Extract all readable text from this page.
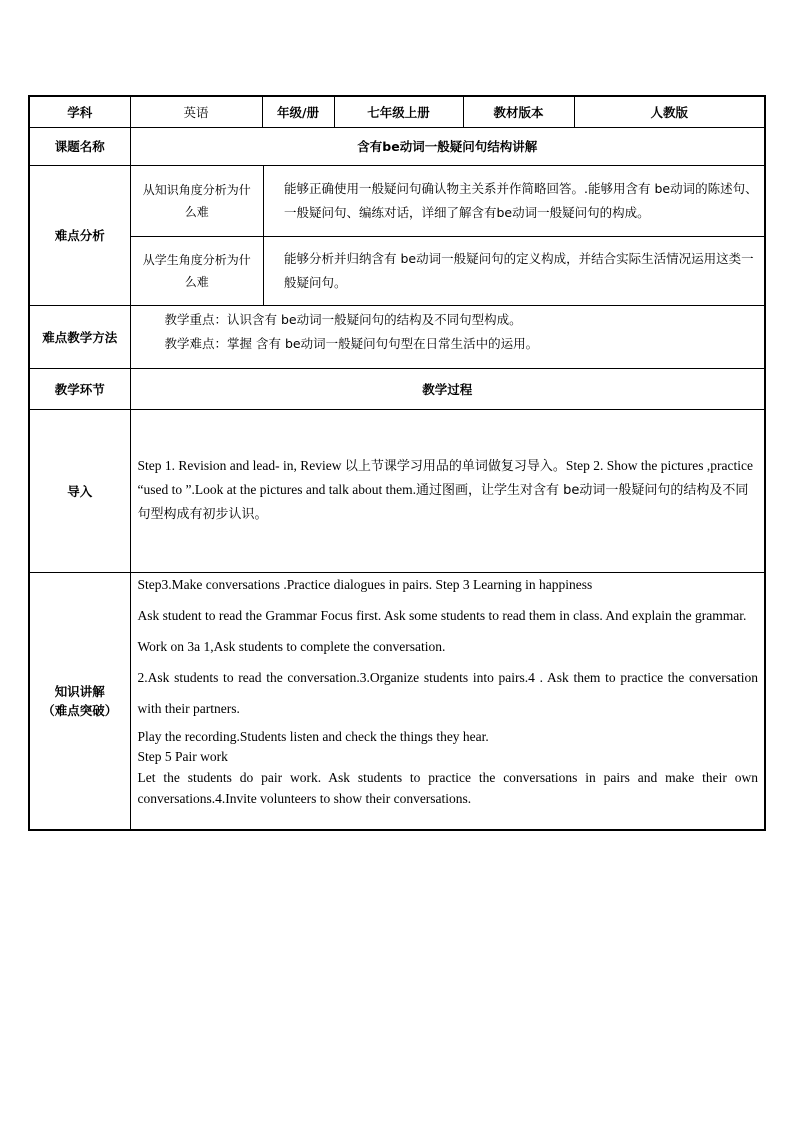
学科	英语	年级/册	七年级上册	教材版本	人教版
课题名称	含有be动词一般疑问句结构讲解
难点分析	
从知识角度分析为什么难	能够正确使用一般疑问句确认物主关系并作简略回答。.能够用含有 be动词的陈述句、一般疑问句、编练对话，详细了解含有be动词一般疑问句的构成。
从学生角度分析为什么难	能够分析并归纳含有 be动词一般疑问句的定义构成，并结合实际生活情况运用这类一般疑问句。

难点教学方法	
教学重点：认识含有 be动词一般疑问句的结构及不同句型构成。
教学难点：掌握 含有 be动词一般疑问句句型在日常生活中的运用。

教学环节	教学过程
导入	Step 1. Revision and lead- in, Review 以上节课学习用品的单词做复习导入。Step 2. Show the pictures ,practice “used to ”.Look at the pictures and talk about them.通过图画，让学生对含有 be动词一般疑问句的结构及不同句型构成有初步认识。

知识讲解
（难点突破）

Step3.Make conversations .Practice dialogues in pairs. Step 3 Learning in happiness
Ask student to read the Grammar Focus first. Ask some students to read them in class. And explain the grammar.
Work on 3a 1,Ask students to complete the conversation.
2.Ask students to read the conversation.3.Organize students into pairs.4 . Ask them to practice the conversation with their partners.
Play the recording.Students listen and check the things they hear.
Step 5 Pair work
Let the students do pair work. Ask students to practice the conversations in pairs and make their own conversations.4.Invite volunteers to show their conversations.
